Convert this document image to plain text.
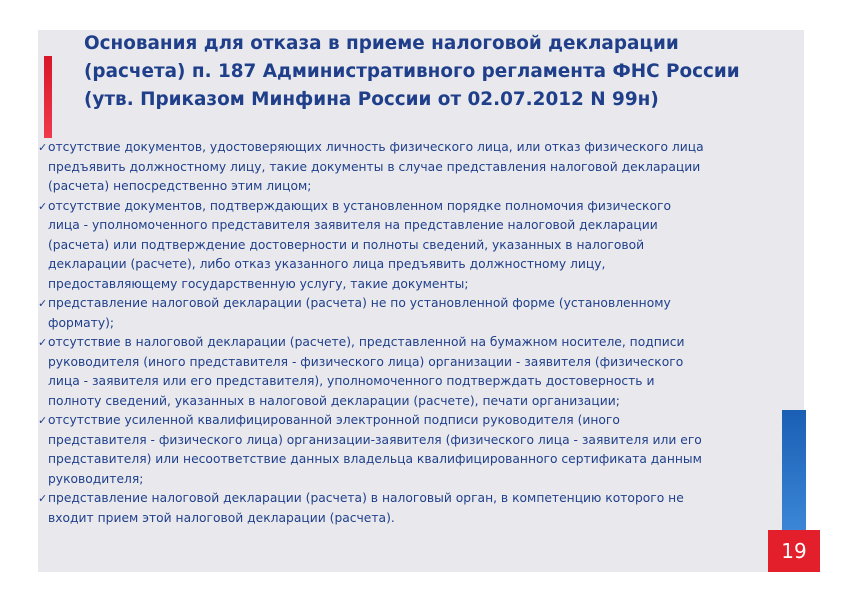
Основания для отказа в приеме налоговой декларации
(расчета) п. 187 Административного регламента ФНС России
(утв. Приказом Минфина России от 02.07.2012 N 99н)
✓ отсутствие документов, удостоверяющих личность физического лица, или отказ физического лица
предъявить должностному лицу, такие документы в случае представления налоговой декларации
(расчета) непосредственно этим лицом;
✓ отсутствие документов, подтверждающих в установленном порядке полномочия физического
лица - уполномоченного представителя заявителя на представление налоговой декларации
(расчета) или подтверждение достоверности и полноты сведений, указанных в налоговой
декларации (расчете), либо отказ указанного лица предъявить должностному лицу,
предоставляющему государственную услугу, такие документы;
✓ представление налоговой декларации (расчета) не по установленной форме (установленному
формату);
✓ отсутствие в налоговой декларации (расчете), представленной на бумажном носителе, подписи
руководителя (иного представителя - физического лица) организации - заявителя (физического
лица - заявителя или его представителя), уполномоченного подтверждать достоверность и
полноту сведений, указанных в налоговой декларации (расчете), печати организации;
✓ отсутствие усиленной квалифицированной электронной подписи руководителя (иного
представителя - физического лица) организации-заявителя (физического лица - заявителя или его
представителя) или несоответствие данных владельца квалифицированного сертификата данным
руководителя;
✓ представление налоговой декларации (расчета) в налоговый орган, в компетенцию которого не
входит прием этой налоговой декларации (расчета).
19
